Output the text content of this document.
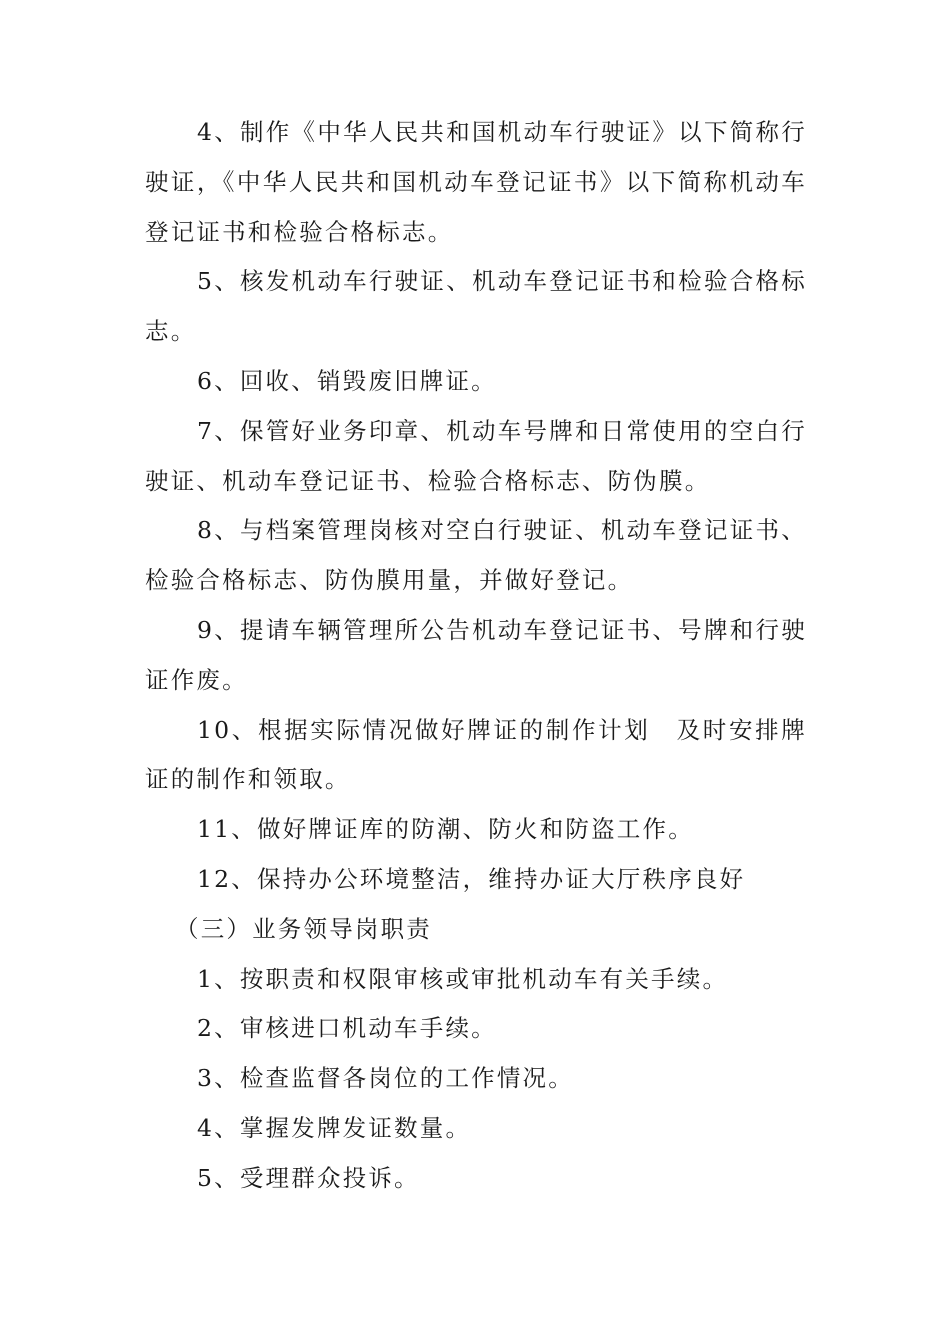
4、制作《中华人民共和国机动车行驶证》以下简称行驶证，《中华人民共和国机动车登记证书》以下简称机动车登记证书和检验合格标志。

5、核发机动车行驶证、机动车登记证书和检验合格标志。

6、回收、销毁废旧牌证。

7、保管好业务印章、机动车号牌和日常使用的空白行驶证、机动车登记证书、检验合格标志、防伪膜。

8、与档案管理岗核对空白行驶证、机动车登记证书、检验合格标志、防伪膜用量，并做好登记。

9、提请车辆管理所公告机动车登记证书、号牌和行驶证作废。

10、根据实际情况做好牌证的制作计划　及时安排牌证的制作和领取。

11、做好牌证库的防潮、防火和防盗工作。

12、保持办公环境整洁，维持办证大厅秩序良好

（三）业务领导岗职责

1、按职责和权限审核或审批机动车有关手续。

2、审核进口机动车手续。

3、检查监督各岗位的工作情况。

4、掌握发牌发证数量。

5、受理群众投诉。
